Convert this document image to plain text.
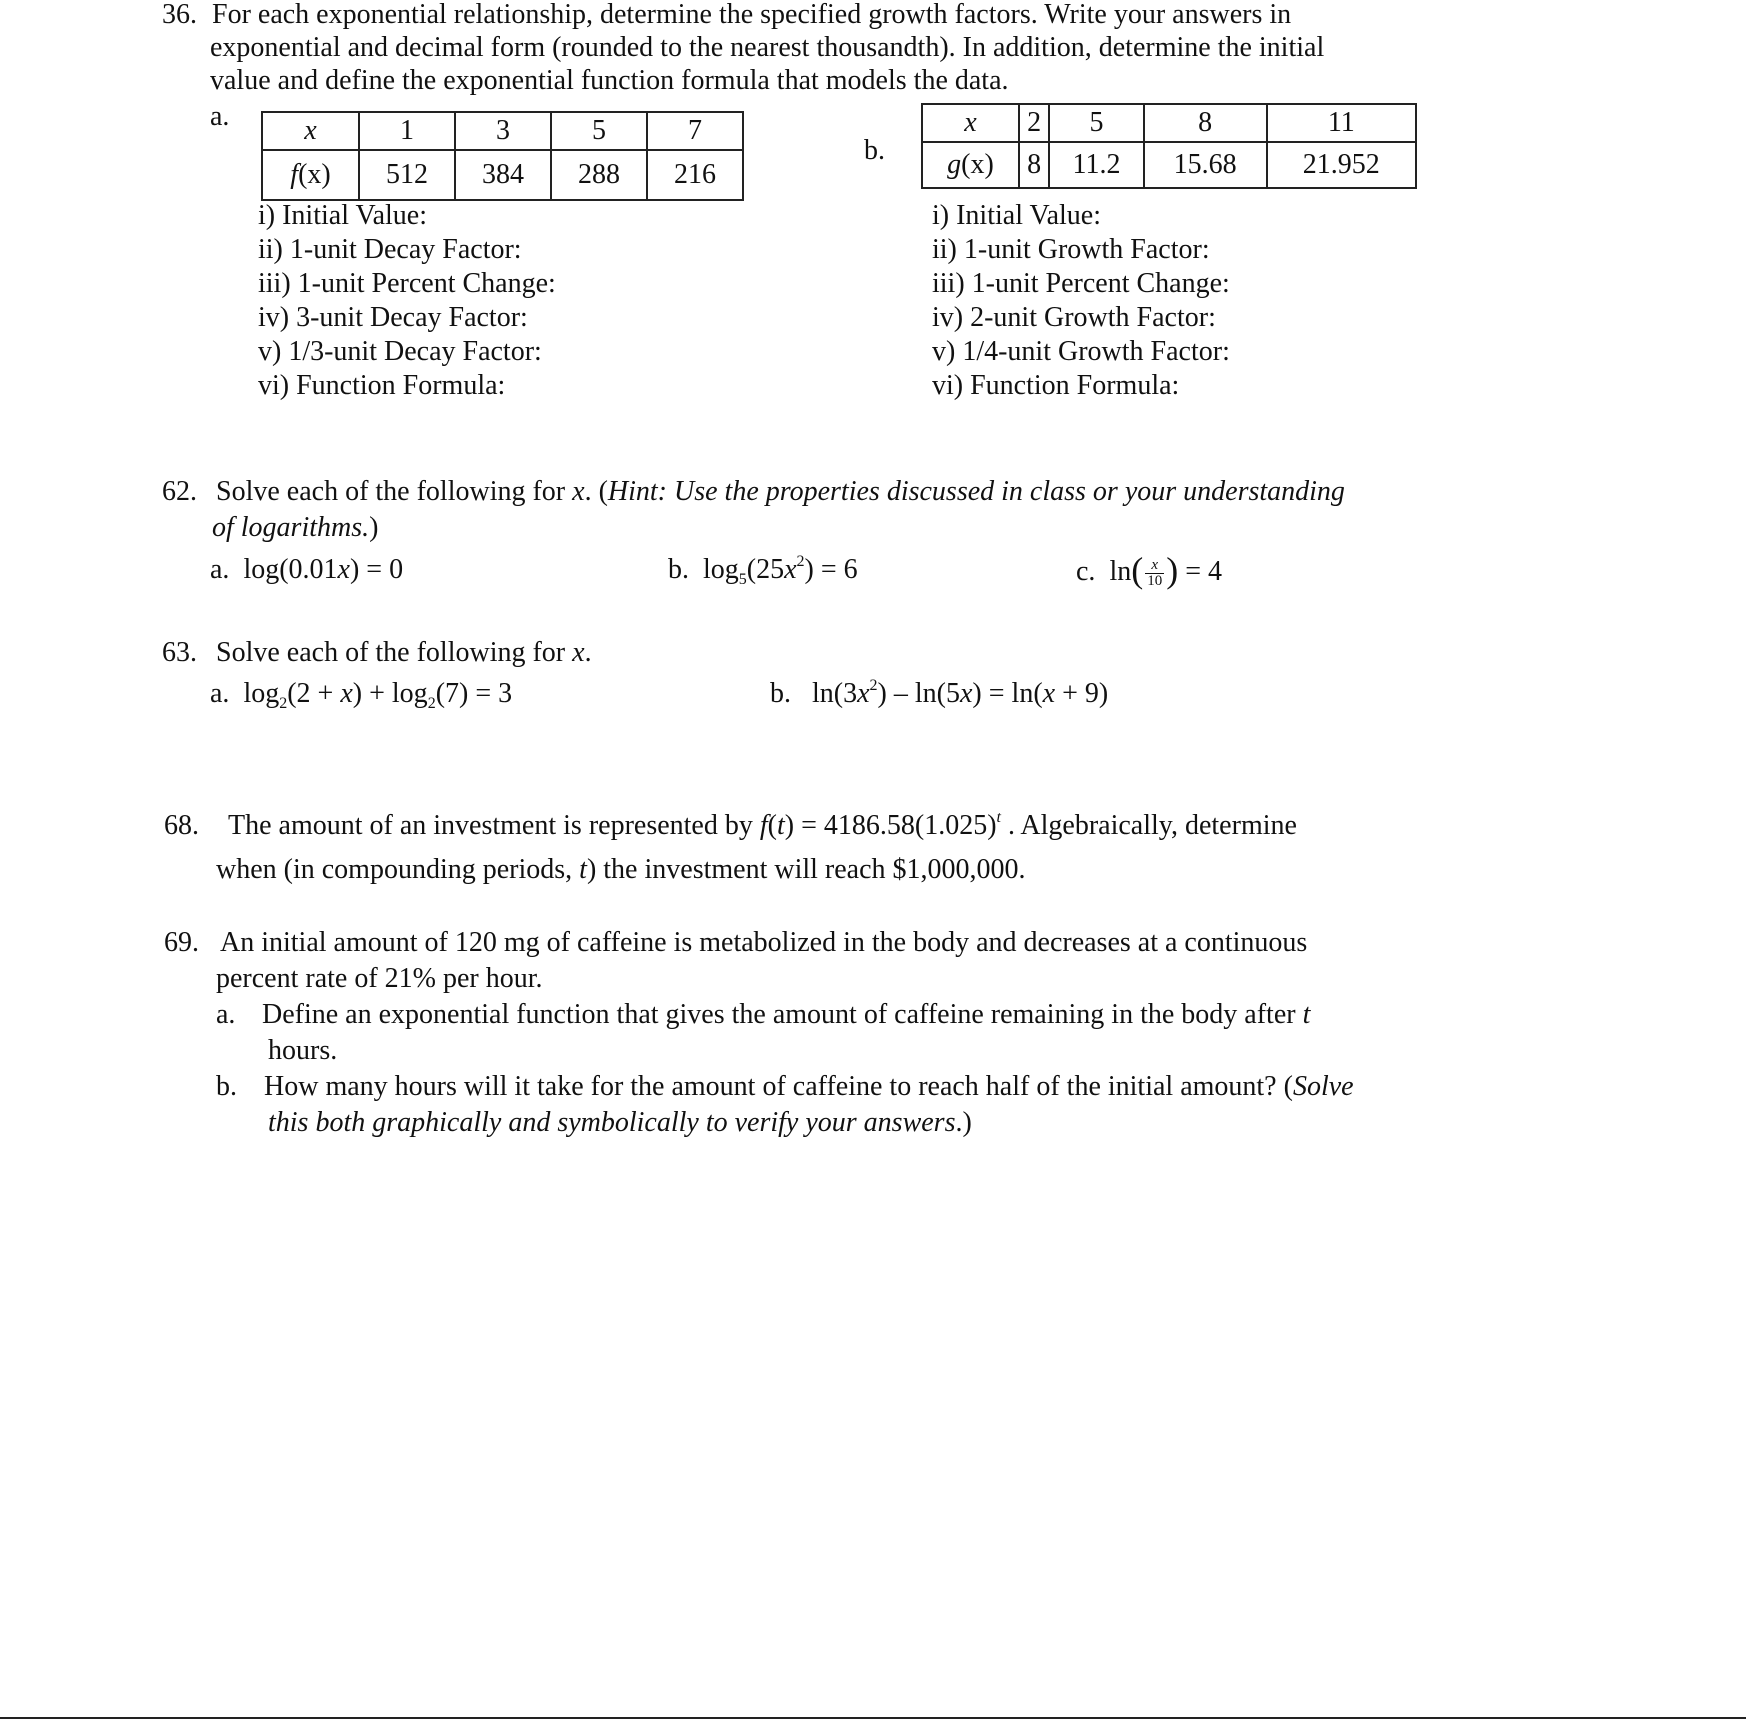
36. For each exponential relationship, determine the specified growth factors. Write your answers in
exponential and decimal form (rounded to the nearest thousandth). In addition, determine the initial
value and define the exponential function formula that models the data.
a.	x	1	3	5	7
f(x)	512	384	288	216
i) Initial Value:
ii) 1-unit Decay Factor:
iii) 1-unit Percent Change:
iv) 3-unit Decay Factor:
v) 1/3-unit Decay Factor:
vi) Function Formula:
b.
x	2	5	8	11
g(x)	8	11.2	15.68	21.952
i) Initial Value:
ii) 1-unit Growth Factor:
iii) 1-unit Percent Change:
iv) 2-unit Growth Factor:
v) 1/4-unit Growth Factor:
vi) Function Formula:
62. Solve each of the following for x. (Hint: Use the properties discussed in class or your understanding
of logarithms.)
a. log(0.01x) = 0	b. $\log_5(25x^2) = 6$	c. $\ln( \frac{x}{10}$ ) = 4
63. Solve each of the following for x.
a. $\log_2(2 + x) + \log_2(7) = 3$	b. $\ln(3x^2) - \ln(5x) = \ln(x + 9)$
68. The amount of an investment is represented by $f(t) = 4186.58(1.025)^t$ . Algebraically, determine
when (in compounding periods, t) the investment will reach $1,000,000.
69. An initial amount of 120 mg of caffeine is metabolized in the body and decreases at a continuous
percent rate of 21% per hour.
a. Define an exponential function that gives the amount of caffeine remaining in the body after t
hours.
b. How many hours will it take for the amount of caffeine to reach half of the initial amount? (Solve
this both graphically and symbolically to verify your answers.)
